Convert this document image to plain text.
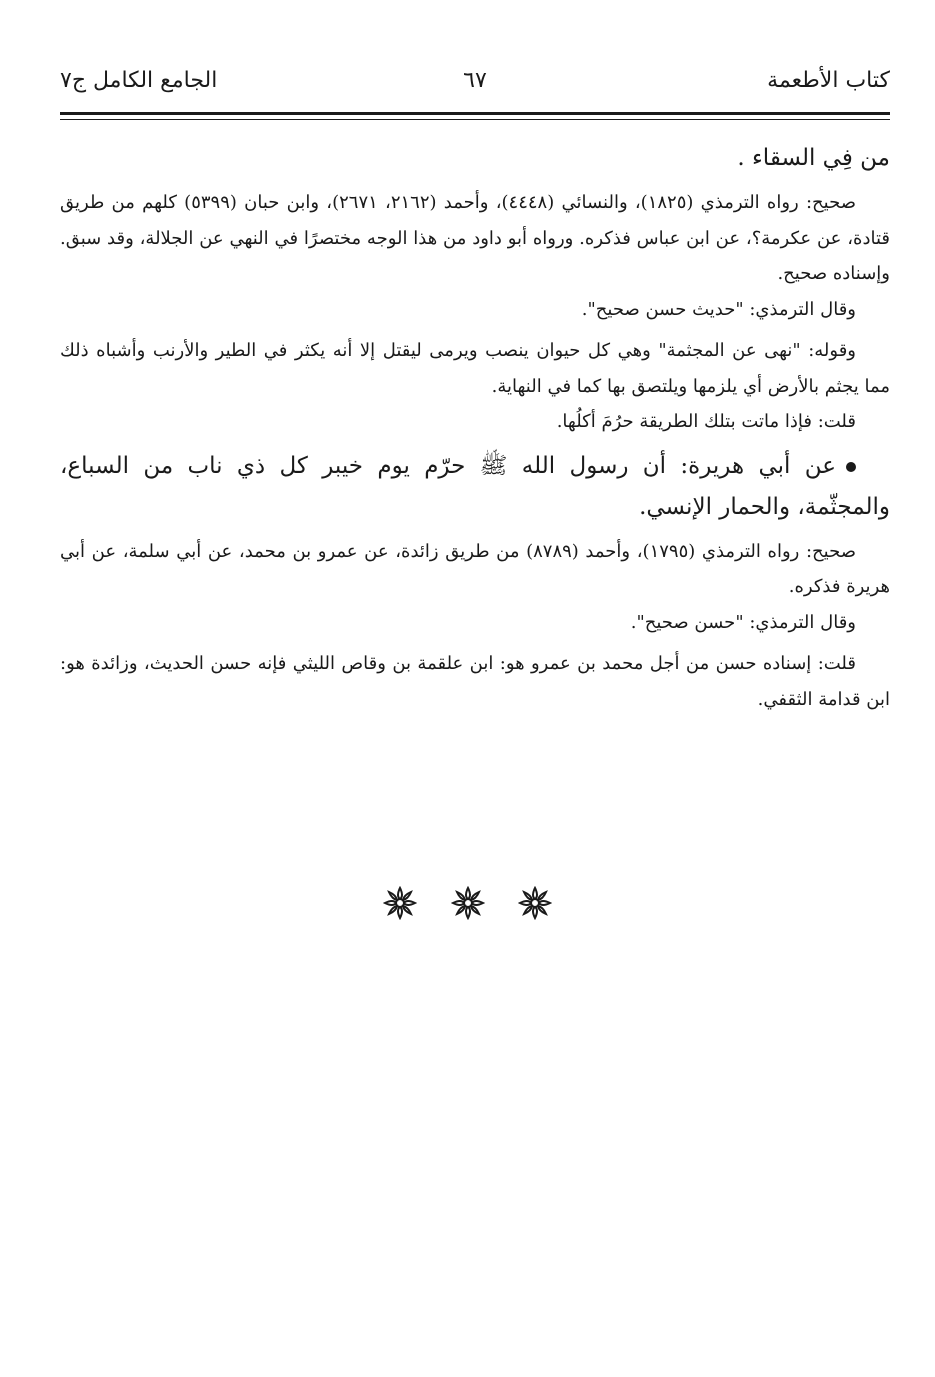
الجامع الكامل ج٧	٦٧	كتاب الأطعمة

من فِي السقاء .

صحيح: رواه الترمذي (١٨٢٥)، والنسائي (٤٤٤٨)، وأحمد (٢١٦٢، ٢٦٧١)، وابن حبان (٥٣٩٩) كلهم من طريق قتادة، عن عكرمة؟، عن ابن عباس فذكره. ورواه أبو داود من هذا الوجه مختصرًا في النهي عن الجلالة، وقد سبق. وإسناده صحيح.

وقال الترمذي: "حديث حسن صحيح".

وقوله: "نهى عن المجثمة" وهي كل حيوان ينصب ويرمى ليقتل إلا أنه يكثر في الطير والأرنب وأشباه ذلك مما يجثم بالأرض أي يلزمها ويلتصق بها كما في النهاية.

قلت: فإذا ماتت بتلك الطريقة حرُمَ أكلُها.

عن أبي هريرة: أن رسول الله ﷺ حرّم يوم خيبر كل ذي ناب من السباع، والمجثّمة، والحمار الإنسي.

صحيح: رواه الترمذي (١٧٩٥)، وأحمد (٨٧٨٩) من طريق زائدة، عن عمرو بن محمد، عن أبي سلمة، عن أبي هريرة فذكره.

وقال الترمذي: "حسن صحيح".

قلت: إسناده حسن من أجل محمد بن عمرو هو: ابن علقمة بن وقاص الليثي فإنه حسن الحديث، وزائدة هو: ابن قدامة الثقفي.
